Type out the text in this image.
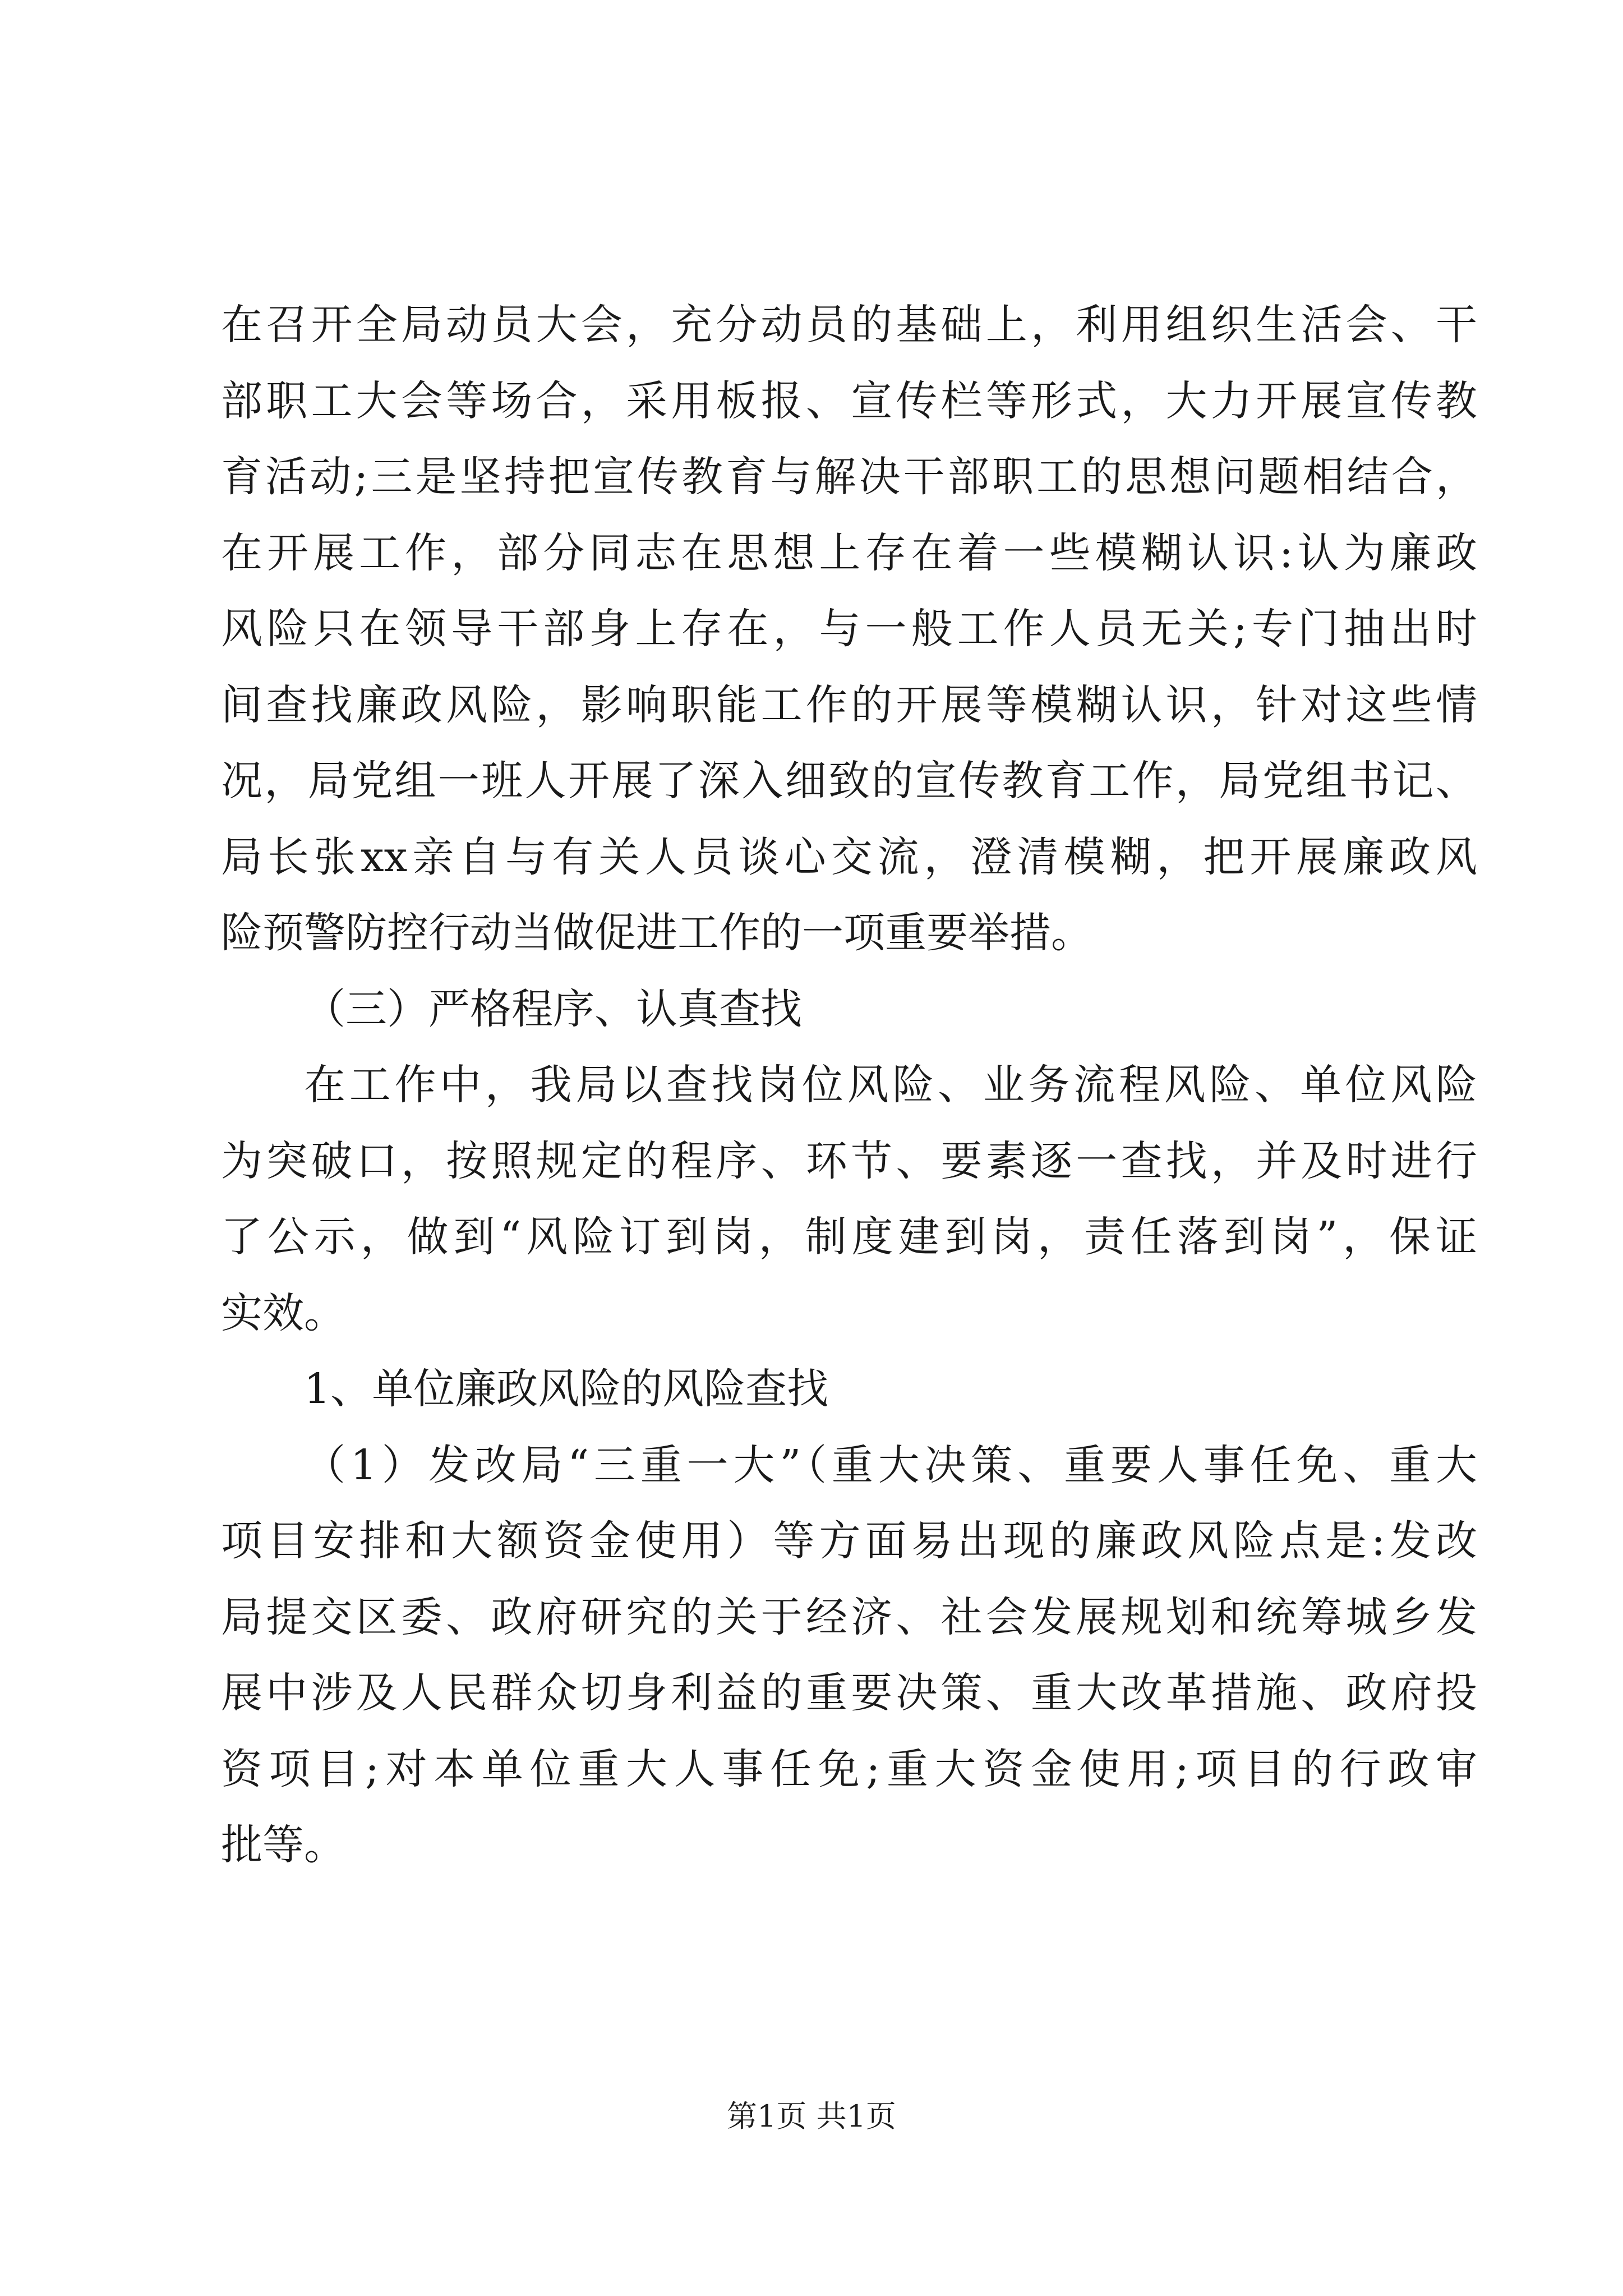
在召开全局动员大会，充分动员的基础上，利用组织生活会、干
部职工大会等场合，采用板报、宣传栏等形式，大力开展宣传教
育活动;三是坚持把宣传教育与解决干部职工的思想问题相结合，
在开展工作，部分同志在思想上存在着一些模糊认识:认为廉政
风险只在领导干部身上存在，与一般工作人员无关;专门抽出时
间查找廉政风险，影响职能工作的开展等模糊认识，针对这些情
况，局党组一班人开展了深入细致的宣传教育工作，局党组书记、
局长张xx亲自与有关人员谈心交流，澄清模糊，把开展廉政风
险预警防控行动当做促进工作的一项重要举措。
（三）严格程序、认真查找
在工作中，我局以查找岗位风险、业务流程风险、单位风险
为突破口，按照规定的程序、环节、要素逐一查找，并及时进行
了公示，做到“风险订到岗，制度建到岗，责任落到岗”，保证
实效。
1、单位廉政风险的风险查找
（1）发改局“三重一大”（重大决策、重要人事任免、重大
项目安排和大额资金使用）等方面易出现的廉政风险点是:发改
局提交区委、政府研究的关于经济、社会发展规划和统筹城乡发
展中涉及人民群众切身利益的重要决策、重大改革措施、政府投
资项目;对本单位重大人事任免;重大资金使用;项目的行政审
批等。
第1页 共1页
